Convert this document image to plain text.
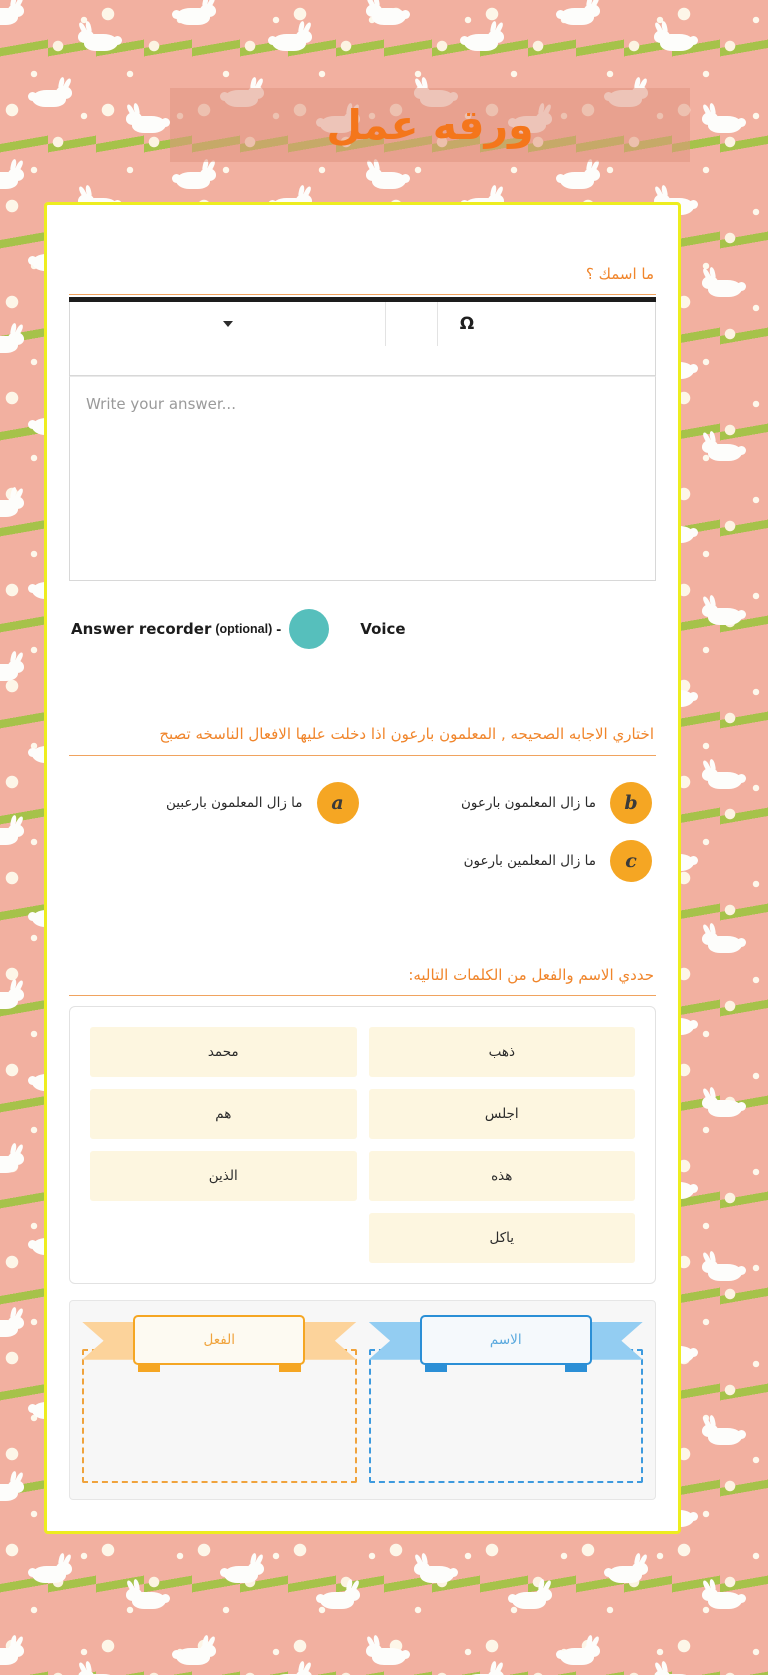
ورقه عمل
ما اسمك ؟
Ω
Write your answer...
Answer recorder (optional) -	Voice
اختاري الاجابه الصحيحه , المعلمون بارعون اذا دخلت عليها الافعال الناسخه تصبح
b
ما زال المعلمون بارعون
a
ما زال المعلمون بارعبين
c
ما زال المعلمين بارعون
حددي الاسم والفعل من الكلمات التاليه:
ذهب
محمد
اجلس
هم
هذه
الذين
ياكل
الاسم
الفعل
